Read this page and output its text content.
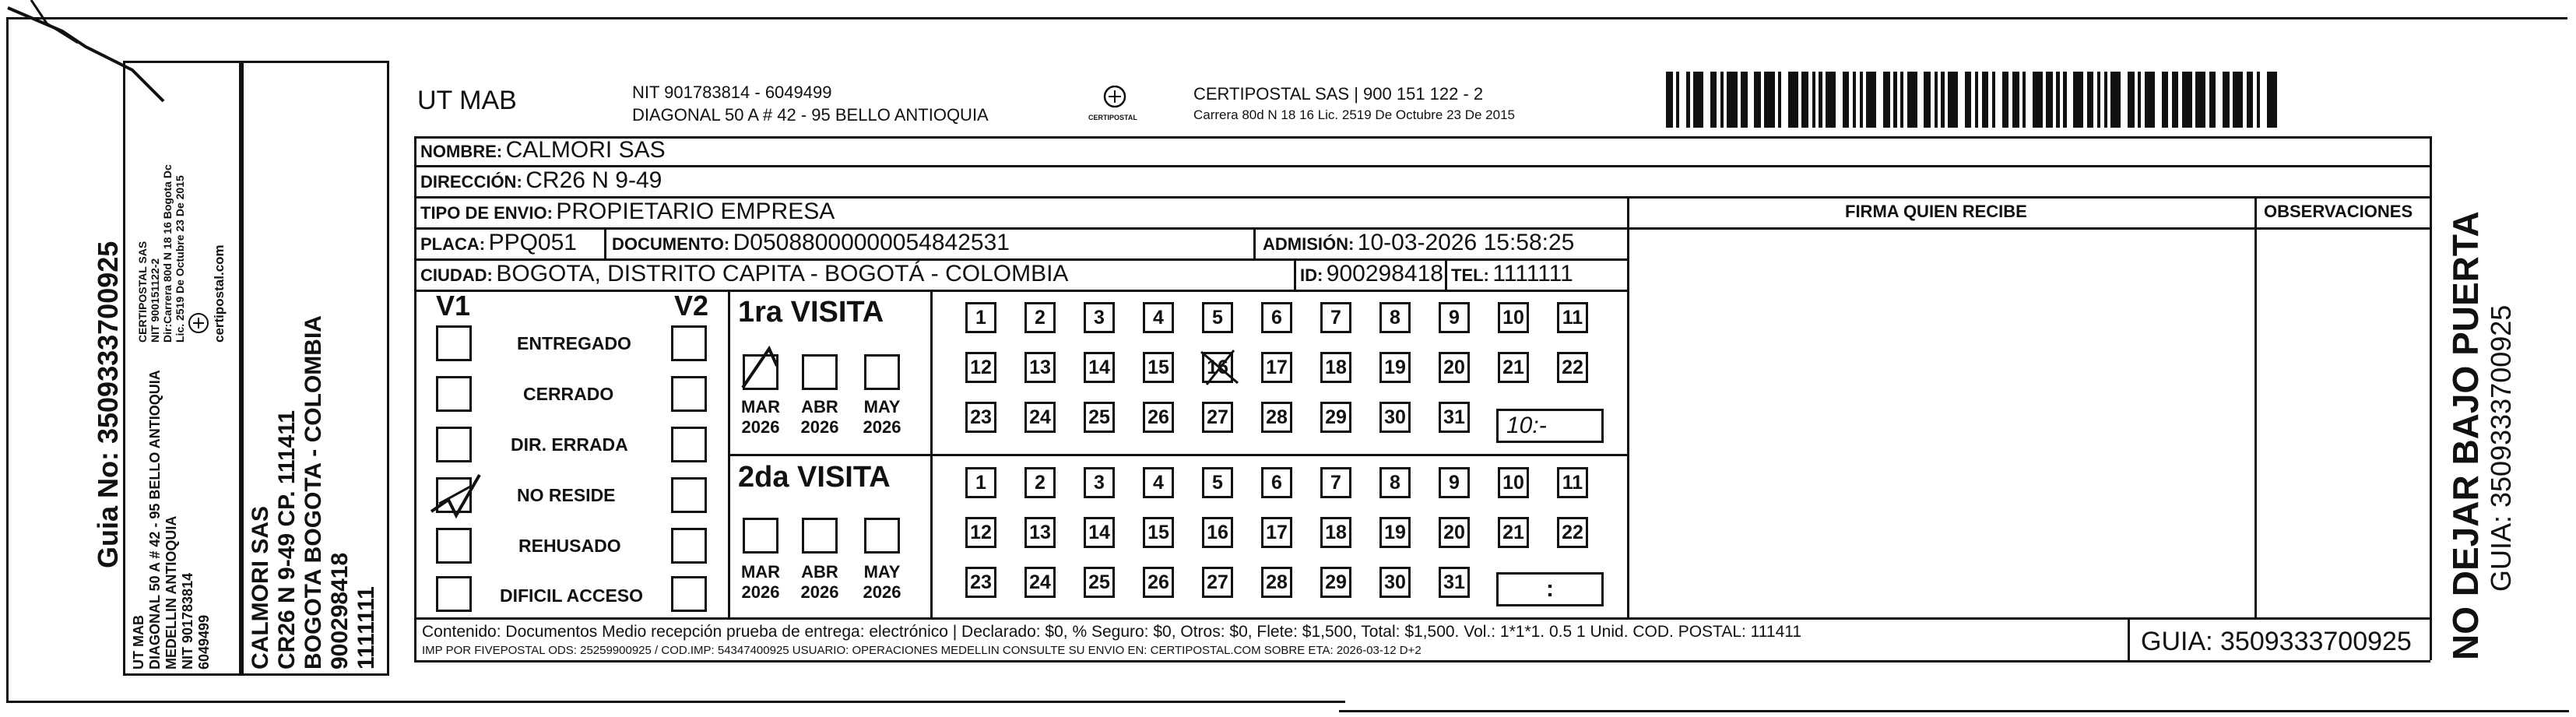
Guia No: 3509333700925
UT MAB DIAGONAL 50 A # 42 - 95 BELLO ANTIOQUIA MEDELLIN ANTIOQUIA NIT 901783814 6049499
CERTIPOSTAL SAS NIT 900151122-2 Dir:Carrera 80d N 18 16 Bogota Dc Lic. 2519 De Octubre 23 De 2015 certipostal.com
CALMORI SAS CR26 N 9-49 CP. 111411 BOGOTA BOGOTA - COLOMBIA 900298418 1111111
UT MAB	NIT 901783814 - 6049499
DIAGONAL 50 A # 42 - 95 BELLO ANTIOQUIA	CERTIPOSTAL
CERTIPOSTAL SAS | 900 151 122 - 2
Carrera 80d N 18 16 Lic. 2519 De Octubre 23 De 2015
NOMBRE: CALMORI SAS
DIRECCIÓN: CR26 N 9-49
TIPO DE ENVIO: PROPIETARIO EMPRESA
PLACA: PPQ051 DOCUMENTO: D05088000000054842531	ADMISIÓN: 10-03-2026 15:58:25
CIUDAD: BOGOTA, DISTRITO CAPITA - BOGOTÁ - COLOMBIA	ID: 900298418 TEL: 1111111
FIRMA QUIEN RECIBE	OBSERVACIONES
V1	V2
ENTREGADO
CERRADO
DIR. ERRADA
NO RESIDE
REHUSADO
DIFICIL ACCESO
1ra VISITA
MAR
2026
ABR
2026
MAY
2026
1	2	3	4	5	6	7	8	9	10 11
12 13 14 15 16 17 18 19 20 21 22
23 24 25 26 27 28 29 30 31	10:-
2da VISITA
MAR
2026
ABR
2026
MAY
2026
1	2	3	4	5	6	7	8	9	10 11
12 13 14 15 16 17 18 19 20 21 22
23 24 25 26 27 28 29 30 31	:
Contenido: Documentos Medio recepción prueba de entrega: electrónico | Declarado: $0, % Seguro: $0, Otros: $0, Flete: $1,500, Total: $1,500. Vol.: 1*1*1. 0.5 1 Unid. COD. POSTAL: 111411
IMP POR FIVEPOSTAL ODS: 25259900925 / COD.IMP: 54347400925 USUARIO: OPERACIONES MEDELLIN CONSULTE SU ENVIO EN: CERTIPOSTAL.COM SOBRE ETA: 2026-03-12 D+2	GUIA: 3509333700925 NO DEJAR BAJO PUERTA GUIA: 3509333700925
